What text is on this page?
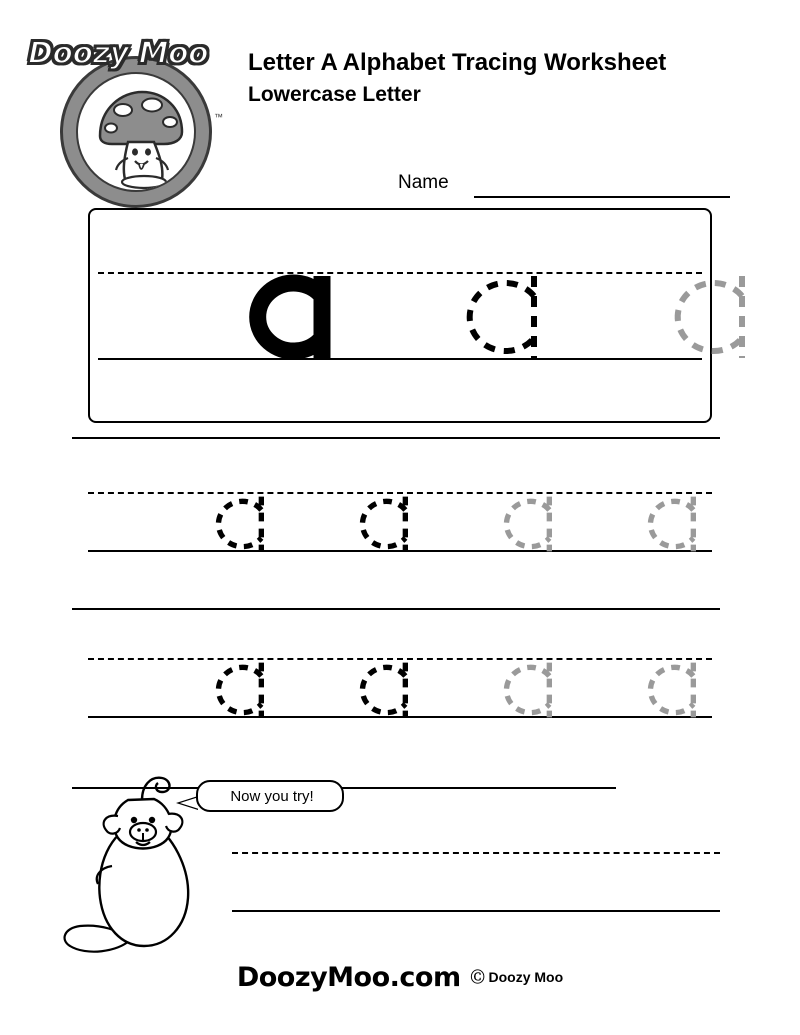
Doozy Moo
™
Letter A Alphabet Tracing Worksheet
Lowercase Letter
Name
Now you try!
DoozyMoo.com Ⓒ Doozy Moo
